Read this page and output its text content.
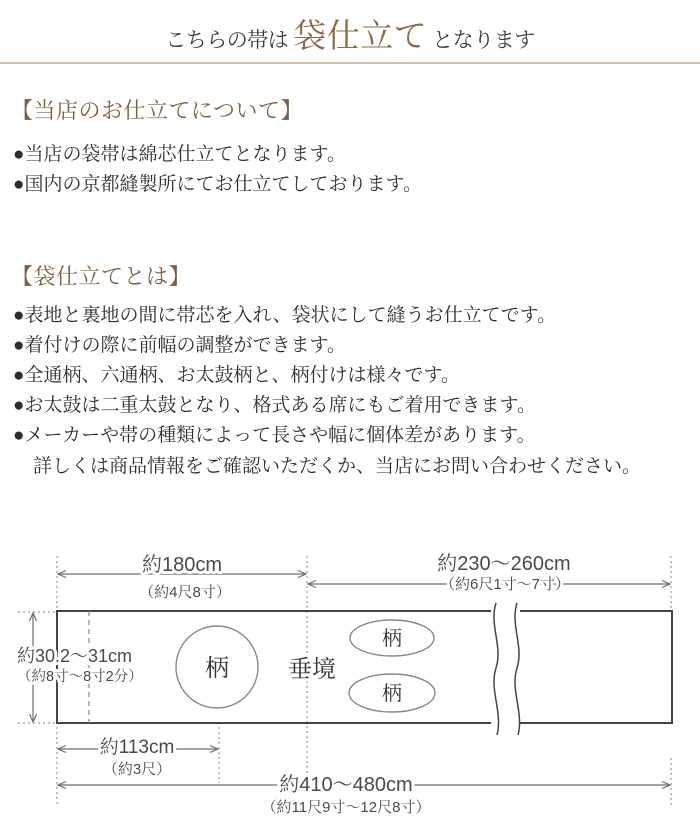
こちらの帯は 袋仕立て となります
【当店のお仕立てについて】
●当店の袋帯は綿芯仕立てとなります。
●国内の京都縫製所にてお仕立てしております。
【袋仕立てとは】
●表地と裏地の間に帯芯を入れ、袋状にして縫うお仕立てです。
●着付けの際に前幅の調整ができます。
●全通柄、六通柄、お太鼓柄と、柄付けは様々です。
●お太鼓は二重太鼓となり、格式ある席にもご着用できます。
●メーカーや帯の種類によって長さや幅に個体差があります。
詳しくは商品情報をご確認いただくか、当店にお問い合わせください。
柄
柄
柄
垂境
約180cm
（約4尺8寸）
約230〜260cm
（約6尺1寸〜7寸）
約30.2〜31cm
（約8寸〜8寸2分）
約113cm
（約3尺）
約410〜480cm
（約11尺9寸〜12尺8寸）
